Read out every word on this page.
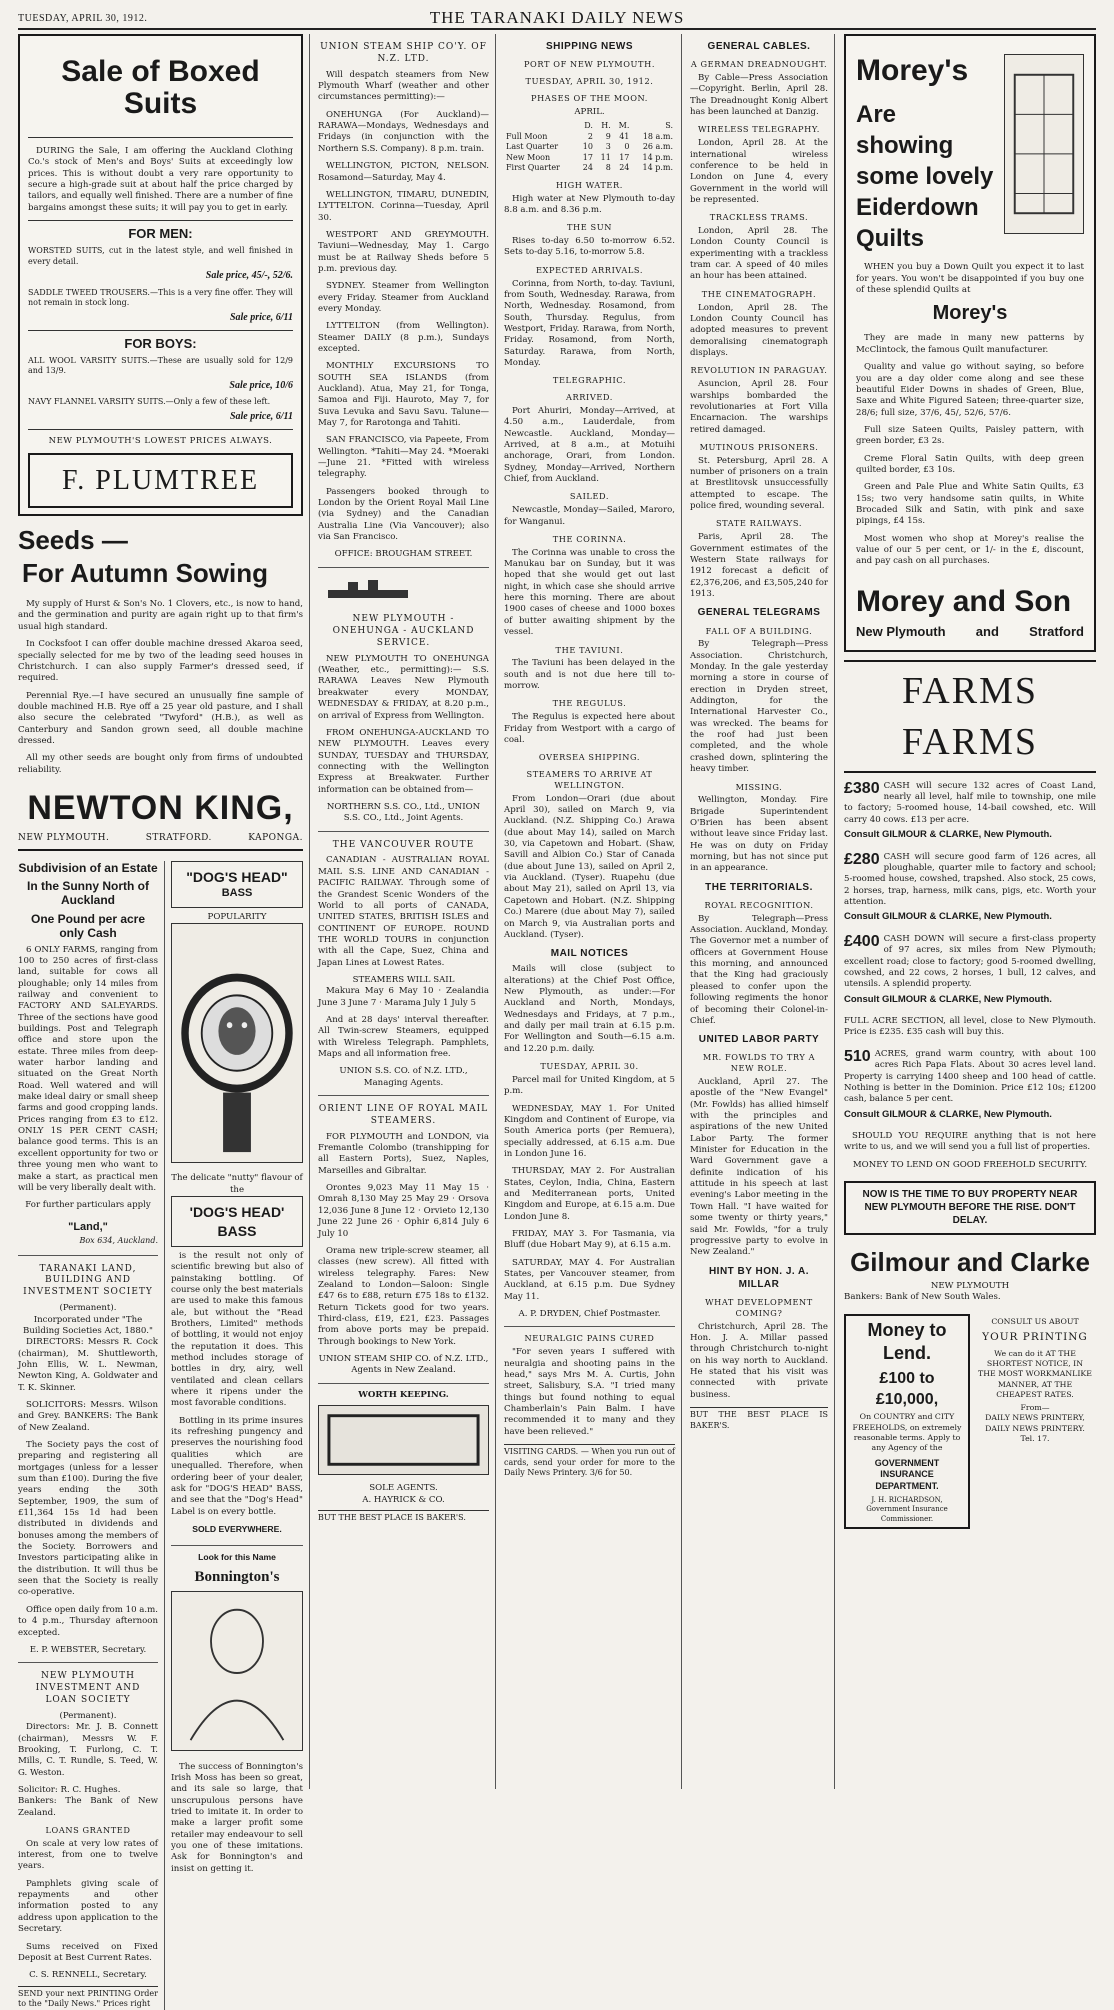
TUESDAY, APRIL 30, 1912.	THE TARANAKI DAILY NEWS
Sale of Boxed Suits
DURING the Sale, I am offering the Auckland Clothing Co.'s stock of Men's and Boys' Suits at exceedingly low prices. This is without doubt a very rare opportunity to secure a high-grade suit at about half the price charged by tailors, and equally well finished. There are a number of fine bargains amongst these suits; it will pay you to get in early.
FOR MEN:
WORSTED SUITS, cut in the latest style, and well finished in every detail.
Sale price, 45/-, 52/6.
SADDLE TWEED TROUSERS.—This is a very fine offer. They will not remain in stock long.
Sale price, 6/11
FOR BOYS:
ALL WOOL VARSITY SUITS.—These are usually sold for 12/9 and 13/9.
Sale price, 10/6
NAVY FLANNEL VARSITY SUITS.—Only a few of these left.
Sale price, 6/11
NEW PLYMOUTH'S LOWEST PRICES ALWAYS.
F. PLUMTREE
Seeds —
For Autumn Sowing
My supply of Hurst & Son's No. 1 Clovers, etc., is now to hand, and the germination and purity are again right up to that firm's usual high standard.
In Cocksfoot I can offer double machine dressed Akaroa seed, specially selected for me by two of the leading seed houses in Christchurch. I can also supply Farmer's dressed seed, if required.
Perennial Rye.—I have secured an unusually fine sample of double machined H.B. Rye off a 25 year old pasture, and I shall also secure the celebrated "Twyford" (H.B.), as well as Canterbury and Sandon grown seed, all double machine dressed.
All my other seeds are bought only from firms of undoubted reliability.
NEWTON KING,
NEW PLYMOUTH.	STRATFORD.	KAPONGA.
Subdivision of an Estate
In the Sunny North of Auckland
One Pound per acre only Cash
6 ONLY FARMS, ranging from 100 to 250 acres of first-class land, suitable for cows all ploughable; only 14 miles from railway and convenient to FACTORY AND SALEYARDS. Three of the sections have good buildings. Post and Telegraph office and store upon the estate. Three miles from deep-water harbor landing and situated on the Great North Road. Well watered and will make ideal dairy or small sheep farms and good cropping lands. Prices ranging from £3 to £12. ONLY 1S PER CENT CASH; balance good terms. This is an excellent opportunity for two or three young men who want to make a start, as practical men will be very liberally dealt with.
For further particulars apply
"Land,"
Box 634, Auckland.
TARANAKI LAND, BUILDING AND INVESTMENT SOCIETY
(Permanent).
Incorporated under "The Building Societies Act, 1880."
DIRECTORS: Messrs R. Cock (chairman), M. Shuttleworth, John Ellis, W. L. Newman, Newton King, A. Goldwater and T. K. Skinner.
SOLICITORS: Messrs. Wilson and Grey. BANKERS: The Bank of New Zealand.
The Society pays the cost of preparing and registering all mortgages (unless for a lesser sum than £100). During the five years ending the 30th September, 1909, the sum of £11,364 15s 1d had been distributed in dividends and bonuses among the members of the Society. Borrowers and Investors participating alike in the distribution. It will thus be seen that the Society is really co-operative.
Office open daily from 10 a.m. to 4 p.m., Thursday afternoon excepted.
E. P. WEBSTER, Secretary.
NEW PLYMOUTH INVESTMENT AND LOAN SOCIETY
(Permanent).
Directors: Mr. J. B. Connett (chairman), Messrs W. F. Brooking, T. Furlong, C. T. Mills, C. T. Rundle, S. Teed, W. G. Weston.
Solicitor: R. C. Hughes.
Bankers: The Bank of New Zealand.
LOANS GRANTED
On scale at very low rates of interest, from one to twelve years.
Pamphlets giving scale of repayments and other information posted to any address upon application to the Secretary.
Sums received on Fixed Deposit at Best Current Rates.
C. S. RENNELL, Secretary.
SEND your next PRINTING Order to the "Daily News." Prices right
"DOG'S HEAD"
BASS
POPULARITY
The delicate "nutty" flavour of the
'DOG'S HEAD' BASS
is the result not only of scientific brewing but also of painstaking bottling. Of course only the best materials are used to make this famous ale, but without the "Read Brothers, Limited" methods of bottling, it would not enjoy the reputation it does. This method includes storage of bottles in dry, airy, well ventilated and clean cellars where it ripens under the most favorable conditions.
Bottling in its prime insures its refreshing pungency and preserves the nourishing food qualities which are unequalled. Therefore, when ordering beer of your dealer, ask for "DOG'S HEAD" BASS, and see that the "Dog's Head" Label is on every bottle.
SOLD EVERYWHERE.
Look for this Name
Bonnington's
The success of Bonnington's Irish Moss has been so great, and its sale so large, that unscrupulous persons have tried to imitate it. In order to make a larger profit some retailer may endeavour to sell you one of these imitations. Ask for Bonnington's and insist on getting it.
UNION STEAM SHIP CO'Y. OF N.Z. LTD.
Will despatch steamers from New Plymouth Wharf (weather and other circumstances permitting):—
ONEHUNGA (For Auckland)—RARAWA—Mondays, Wednesdays and Fridays (in conjunction with the Northern S.S. Company). 8 p.m. train.
WELLINGTON, PICTON, NELSON. Rosamond—Saturday, May 4.
WELLINGTON, TIMARU, DUNEDIN, LYTTELTON. Corinna—Tuesday, April 30.
WESTPORT AND GREYMOUTH. Taviuni—Wednesday, May 1. Cargo must be at Railway Sheds before 5 p.m. previous day.
SYDNEY. Steamer from Wellington every Friday. Steamer from Auckland every Monday.
LYTTELTON (from Wellington). Steamer DAILY (8 p.m.), Sundays excepted.
MONTHLY EXCURSIONS TO SOUTH SEA ISLANDS (from Auckland). Atua, May 21, for Tonga, Samoa and Fiji. Hauroto, May 7, for Suva Levuka and Savu Savu. Talune—May 7, for Rarotonga and Tahiti.
SAN FRANCISCO, via Papeete, From Wellington. *Tahiti—May 24. *Moeraki—June 21. *Fitted with wireless telegraphy.
Passengers booked through to London by the Orient Royal Mail Line (via Sydney) and the Canadian Australia Line (Via Vancouver); also via San Francisco.
OFFICE: BROUGHAM STREET.
NEW PLYMOUTH - ONEHUNGA - AUCKLAND SERVICE.
NEW PLYMOUTH TO ONEHUNGA (Weather, etc., permitting):— S.S. RARAWA Leaves New Plymouth breakwater every MONDAY, WEDNESDAY & FRIDAY, at 8.20 p.m., on arrival of Express from Wellington.
FROM ONEHUNGA-AUCKLAND TO NEW PLYMOUTH. Leaves every SUNDAY, TUESDAY and THURSDAY, connecting with the Wellington Express at Breakwater. Further information can be obtained from—
NORTHERN S.S. CO., Ltd., UNION S.S. CO., Ltd., Joint Agents.
THE VANCOUVER ROUTE
CANADIAN - AUSTRALIAN ROYAL MAIL S.S. LINE AND CANADIAN - PACIFIC RAILWAY. Through some of the Grandest Scenic Wonders of the World to all ports of CANADA, UNITED STATES, BRITISH ISLES and CONTINENT OF EUROPE. ROUND THE WORLD TOURS in conjunction with all the Cape, Suez, China and Japan Lines at Lowest Rates.
STEAMERS WILL SAIL
Makura May 6 May 10 · Zealandia June 3 June 7 · Marama July 1 July 5
And at 28 days' interval thereafter. All Twin-screw Steamers, equipped with Wireless Telegraph. Pamphlets, Maps and all information free.
UNION S.S. CO. of N.Z. LTD., Managing Agents.
ORIENT LINE OF ROYAL MAIL STEAMERS.
FOR PLYMOUTH and LONDON, via Fremantle Colombo (transhipping for all Eastern Ports), Suez, Naples, Marseilles and Gibraltar.
Orontes 9,023 May 11 May 15 · Omrah 8,130 May 25 May 29 · Orsova 12,036 June 8 June 12 · Orvieto 12,130 June 22 June 26 · Ophir 6,814 July 6 July 10
Orama new triple-screw steamer, all classes (new screw). All fitted with wireless telegraphy. Fares: New Zealand to London—Saloon: Single £47 6s to £88, return £75 18s to £132. Return Tickets good for two years. Third-class, £19, £21, £23. Passages from above ports may be prepaid. Through bookings to New York.
UNION STEAM SHIP CO. of N.Z. LTD., Agents in New Zealand.
WORTH KEEPING.
SOLE AGENTS.
A. HAYRICK & CO.
BUT THE BEST PLACE IS BAKER'S.
SHIPPING NEWS
PORT OF NEW PLYMOUTH.
TUESDAY, APRIL 30, 1912.
PHASES OF THE MOON.
APRIL.
	D.	H.	M.	S.
Full Moon	2	9	41	18 a.m.
Last Quarter	10	3	0	26 a.m.
New Moon	17	11	17	14 p.m.
First Quarter	24	8	24	14 p.m.
HIGH WATER.
High water at New Plymouth to-day 8.8 a.m. and 8.36 p.m.
THE SUN
Rises to-day 6.50 to-morrow 6.52. Sets to-day 5.16, to-morrow 5.8.
EXPECTED ARRIVALS.
Corinna, from North, to-day. Taviuni, from South, Wednesday. Rarawa, from North, Wednesday. Rosamond, from South, Thursday. Regulus, from Westport, Friday. Rarawa, from North, Friday. Rosamond, from North, Saturday. Rarawa, from North, Monday.
TELEGRAPHIC.
ARRIVED.
Port Ahuriri, Monday—Arrived, at 4.50 a.m., Lauderdale, from Newcastle. Auckland, Monday—Arrived, at 8 a.m., at Motuihi anchorage, Orari, from London. Sydney, Monday—Arrived, Northern Chief, from Auckland.
SAILED.
Newcastle, Monday—Sailed, Maroro, for Wanganui.
THE CORINNA.
The Corinna was unable to cross the Manukau bar on Sunday, but it was hoped that she would get out last night, in which case she should arrive here this morning. There are about 1900 cases of cheese and 1000 boxes of butter awaiting shipment by the vessel.
THE TAVIUNI.
The Taviuni has been delayed in the south and is not due here till to-morrow.
THE REGULUS.
The Regulus is expected here about Friday from Westport with a cargo of coal.
OVERSEA SHIPPING.
STEAMERS TO ARRIVE AT WELLINGTON.
From London—Orari (due about April 30), sailed on March 9, via Auckland. (N.Z. Shipping Co.) Arawa (due about May 14), sailed on March 30, via Capetown and Hobart. (Shaw, Savill and Albion Co.) Star of Canada (due about June 13), sailed on April 2, via Auckland. (Tyser). Ruapehu (due about May 21), sailed on April 13, via Capetown and Hobart. (N.Z. Shipping Co.) Marere (due about May 7), sailed on March 9, via Australian ports and Auckland. (Tyser).
MAIL NOTICES
Mails will close (subject to alterations) at the Chief Post Office, New Plymouth, as under:—For Auckland and North, Mondays, Wednesdays and Fridays, at 7 p.m., and daily per mail train at 6.15 p.m. For Wellington and South—6.15 a.m. and 12.20 p.m. daily.
TUESDAY, APRIL 30.
Parcel mail for United Kingdom, at 5 p.m.
WEDNESDAY, MAY 1. For United Kingdom and Continent of Europe, via South America ports (per Remuera), specially addressed, at 6.15 a.m. Due in London June 16.
THURSDAY, MAY 2. For Australian States, Ceylon, India, China, Eastern and Mediterranean ports, United Kingdom and Europe, at 6.15 a.m. Due London June 8.
FRIDAY, MAY 3. For Tasmania, via Bluff (due Hobart May 9), at 6.15 a.m.
SATURDAY, MAY 4. For Australian States, per Vancouver steamer, from Auckland, at 6.15 p.m. Due Sydney May 11.
A. P. DRYDEN, Chief Postmaster.
NEURALGIC PAINS CURED
"For seven years I suffered with neuralgia and shooting pains in the head," says Mrs M. A. Curtis, John street, Salisbury, S.A. "I tried many things but found nothing to equal Chamberlain's Pain Balm. I have recommended it to many and they have been relieved."
VISITING CARDS. — When you run out of cards, send your order for more to the Daily News Printery. 3/6 for 50.
GENERAL CABLES.
A GERMAN DREADNOUGHT.
By Cable—Press Association—Copyright. Berlin, April 28. The Dreadnought Konig Albert has been launched at Danzig.
WIRELESS TELEGRAPHY.
London, April 28. At the international wireless conference to be held in London on June 4, every Government in the world will be represented.
TRACKLESS TRAMS.
London, April 28. The London County Council is experimenting with a trackless tram car. A speed of 40 miles an hour has been attained.
THE CINEMATOGRAPH.
London, April 28. The London County Council has adopted measures to prevent demoralising cinematograph displays.
REVOLUTION IN PARAGUAY.
Asuncion, April 28. Four warships bombarded the revolutionaries at Fort Villa Encarnacion. The warships retired damaged.
MUTINOUS PRISONERS.
St. Petersburg, April 28. A number of prisoners on a train at Brestlitovsk unsuccessfully attempted to escape. The police fired, wounding several.
STATE RAILWAYS.
Paris, April 28. The Government estimates of the Western State railways for 1912 forecast a deficit of £2,376,206, and £3,505,240 for 1913.
GENERAL TELEGRAMS
FALL OF A BUILDING.
By Telegraph—Press Association. Christchurch, Monday. In the gale yesterday morning a store in course of erection in Dryden street, Addington, for the International Harvester Co., was wrecked. The beams for the roof had just been completed, and the whole crashed down, splintering the heavy timber.
MISSING.
Wellington, Monday. Fire Brigade Superintendent O'Brien has been absent without leave since Friday last. He was on duty on Friday morning, but has not since put in an appearance.
THE TERRITORIALS.
ROYAL RECOGNITION.
By Telegraph—Press Association. Auckland, Monday. The Governor met a number of officers at Government House this morning, and announced that the King had graciously pleased to confer upon the following regiments the honor of becoming their Colonel-in-Chief.
UNITED LABOR PARTY
MR. FOWLDS TO TRY A NEW ROLE.
Auckland, April 27. The apostle of the "New Evangel" (Mr. Fowlds) has allied himself with the principles and aspirations of the new United Labor Party. The former Minister for Education in the Ward Government gave a definite indication of his attitude in his speech at last evening's Labor meeting in the Town Hall. "I have waited for some twenty or thirty years," said Mr. Fowlds, "for a truly progressive party to evolve in New Zealand."
HINT BY HON. J. A. MILLAR
WHAT DEVELOPMENT COMING?
Christchurch, April 28. The Hon. J. A. Millar passed through Christchurch to-night on his way north to Auckland. He stated that his visit was connected with private business.
BUT THE BEST PLACE IS BAKER'S.
Morey's
Are showing
some lovely
Eiderdown
Quilts
WHEN you buy a Down Quilt you expect it to last for years. You won't be disappointed if you buy one of these splendid Quilts at
Morey's
They are made in many new patterns by McClintock, the famous Quilt manufacturer.
Quality and value go without saying, so before you are a day older come along and see these beautiful Eider Downs in shades of Green, Blue, Saxe and White Figured Sateen; three-quarter size, 28/6; full size, 37/6, 45/, 52/6, 57/6.
Full size Sateen Quilts, Paisley pattern, with green border, £3 2s.
Creme Floral Satin Quilts, with deep green quilted border, £3 10s.
Green and Pale Plue and White Satin Quilts, £3 15s; two very handsome satin quilts, in White Brocaded Silk and Satin, with pink and saxe pipings, £4 15s.
Most women who shop at Morey's realise the value of our 5 per cent, or 1/- in the £, discount, and pay cash on all purchases.
Morey and Son
New Plymouth and Stratford
FARMS FARMS
£380 CASH will secure 132 acres of Coast Land, nearly all level, half mile to township, one mile to factory; 5-roomed house, 14-bail cowshed, etc. Will carry 40 cows. £13 per acre.
Consult GILMOUR & CLARKE, New Plymouth.
£280 CASH will secure good farm of 126 acres, all ploughable, quarter mile to factory and school; 5-roomed house, cowshed, trapshed. Also stock, 25 cows, 2 horses, trap, harness, milk cans, pigs, etc. Worth your attention.
Consult GILMOUR & CLARKE, New Plymouth.
£400 CASH DOWN will secure a first-class property of 97 acres, six miles from New Plymouth; excellent road; close to factory; good 5-roomed dwelling, cowshed, and 22 cows, 2 horses, 1 bull, 12 calves, and utensils. A splendid property.
Consult GILMOUR & CLARKE, New Plymouth.
FULL ACRE SECTION, all level, close to New Plymouth. Price is £235. £35 cash will buy this.
510 ACRES, grand warm country, with about 100 acres Rich Papa Flats. About 30 acres level land. Property is carrying 1400 sheep and 100 head of cattle. Nothing is better in the Dominion. Price £12 10s; £1200 cash, balance 5 per cent.
Consult GILMOUR & CLARKE, New Plymouth.
SHOULD YOU REQUIRE anything that is not here write to us, and we will send you a full list of properties.
MONEY TO LEND ON GOOD FREEHOLD SECURITY.
NOW IS THE TIME TO BUY PROPERTY NEAR NEW PLYMOUTH BEFORE THE RISE. DON'T DELAY.
Gilmour and Clarke
NEW PLYMOUTH
Bankers: Bank of New South Wales.
Money to Lend.
£100 to £10,000,
On COUNTRY and CITY FREEHOLDS, on extremely reasonable terms. Apply to any Agency of the
GOVERNMENT INSURANCE DEPARTMENT.
J. H. RICHARDSON, Government Insurance Commissioner.
CONSULT US ABOUT
YOUR PRINTING
We can do it AT THE SHORTEST NOTICE, IN THE MOST WORKMANLIKE MANNER, AT THE CHEAPEST RATES.
From—
DAILY NEWS PRINTERY,
DAILY NEWS PRINTERY.
Tel. 17.
